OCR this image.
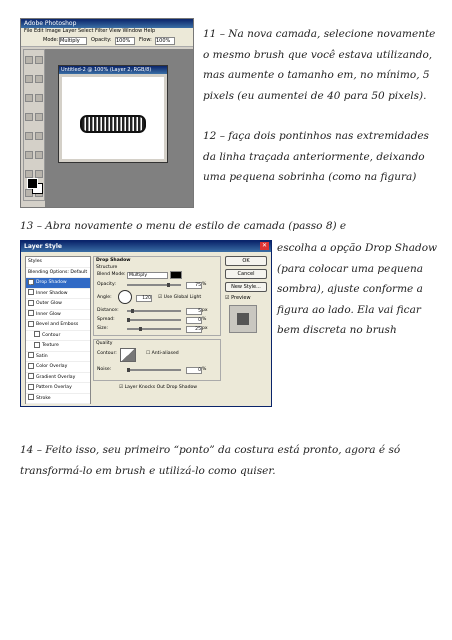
Adobe Photoshop
File Edit Image Layer Select Filter View Window Help
Mode: Multiply	Opacity: 100%	Flow: 100%

Untitled-2 @ 100% (Layer 2, RGB/8)
11 – Na nova camada, selecione novamente o mesmo brush que você estava utilizando, mas aumente o tamanho em, no mínimo, 5 pixels (eu aumentei de 40 para 50 pixels).
12 – faça dois pontinhos nas extremidades da linha traçada anteriormente, deixando uma pequena sobrinha (como na figura)
13 – Abra novamente o menu de estilo de camada (passo 8) e
escolha a opção Drop Shadow (para colocar uma pequena sombra), ajuste conforme a figura ao lado. Ela vai ficar bem discreta no brush
Layer Style	✕
Styles
Blending Options: Default
✓ Drop Shadow
Inner Shadow
Outer Glow
Inner Glow
Bevel and Emboss
Contour
Texture
Satin
Color Overlay
Gradient Overlay
Pattern Overlay
Stroke
Drop Shadow
Structure
Blend Mode: Multiply
Opacity:	75 %
Angle:	120 ☑ Use Global Light
Distance:	5 px
Spread:	0 %
Size:	25 px
Quality
Contour:	☐ Anti-aliased
Noise:	0 %
☑ Layer Knocks Out Drop Shadow
OK
Cancel
New Style...
☑ Preview
14 – Feito isso, seu primeiro “ponto” da costura está pronto, agora é só transformá-lo em brush e utilizá-lo como quiser.
